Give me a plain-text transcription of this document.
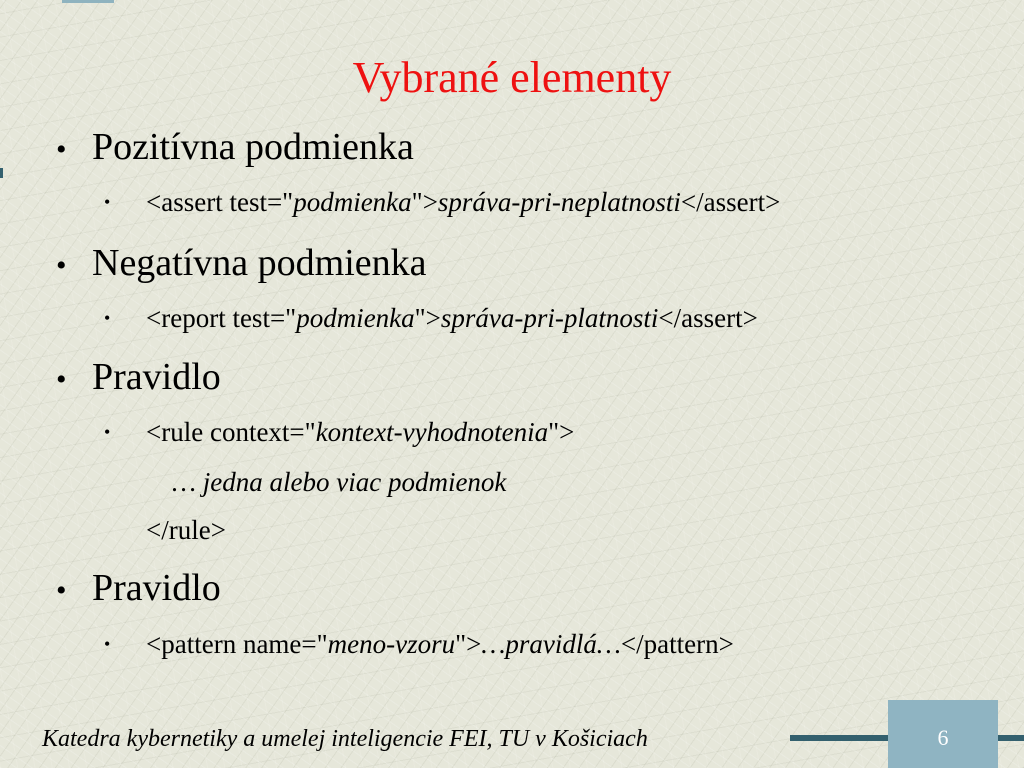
Vybrané elementy
• Pozitívna podmienka
• <assert test="podmienka">správa-pri-neplatnosti</assert>
• Negatívna podmienka
• <report test="podmienka">správa-pri-platnosti</assert>
• Pravidlo
• <rule context="kontext-vyhodnotenia">
… jedna alebo viac podmienok
</rule>
• Pravidlo
• <pattern name="meno-vzoru">…pravidlá…</pattern>
Katedra kybernetiky a umelej inteligencie FEI, TU v Košiciach	6
